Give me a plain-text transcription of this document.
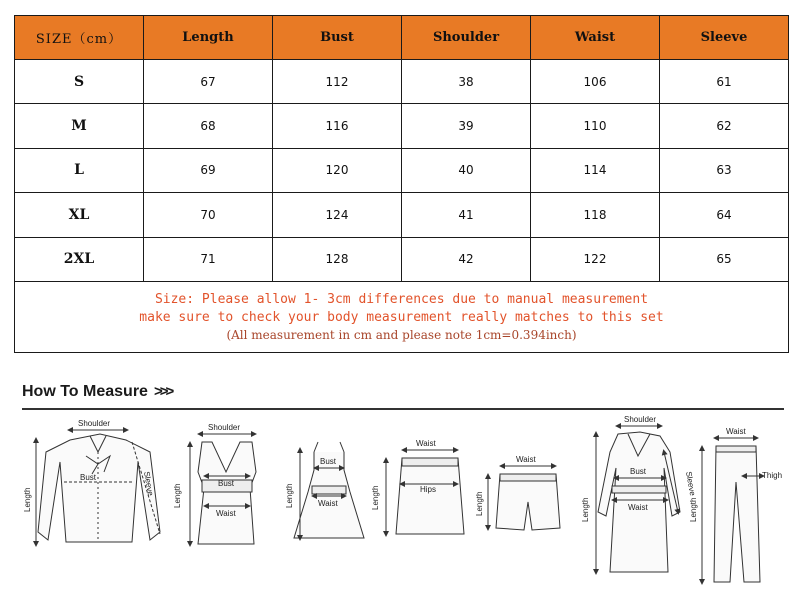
SIZE（cm）	Length	Bust	Shoulder	Waist	Sleeve
S	67	112	38	106	61
M	68	116	39	110	62
L	69	120	40	114	63
XL	70	124	41	118	64
2XL	71	128	42	122	65

Size: Please allow 1- 3cm differences due to manual measurement
make sure to check your body measurement really matches to this set
(All measurement in cm and please note 1cm=0.394inch)					
How To Measure >>>
Shoulder
Bust
Length
Sleeve
Shoulder
Bust
Length
Waist
Bust
Waist
Length
Waist
Hips
Length
Waist
Length
Shoulder
Bust
Waist
Length
Sleeve
Waist
Thigh
Length
